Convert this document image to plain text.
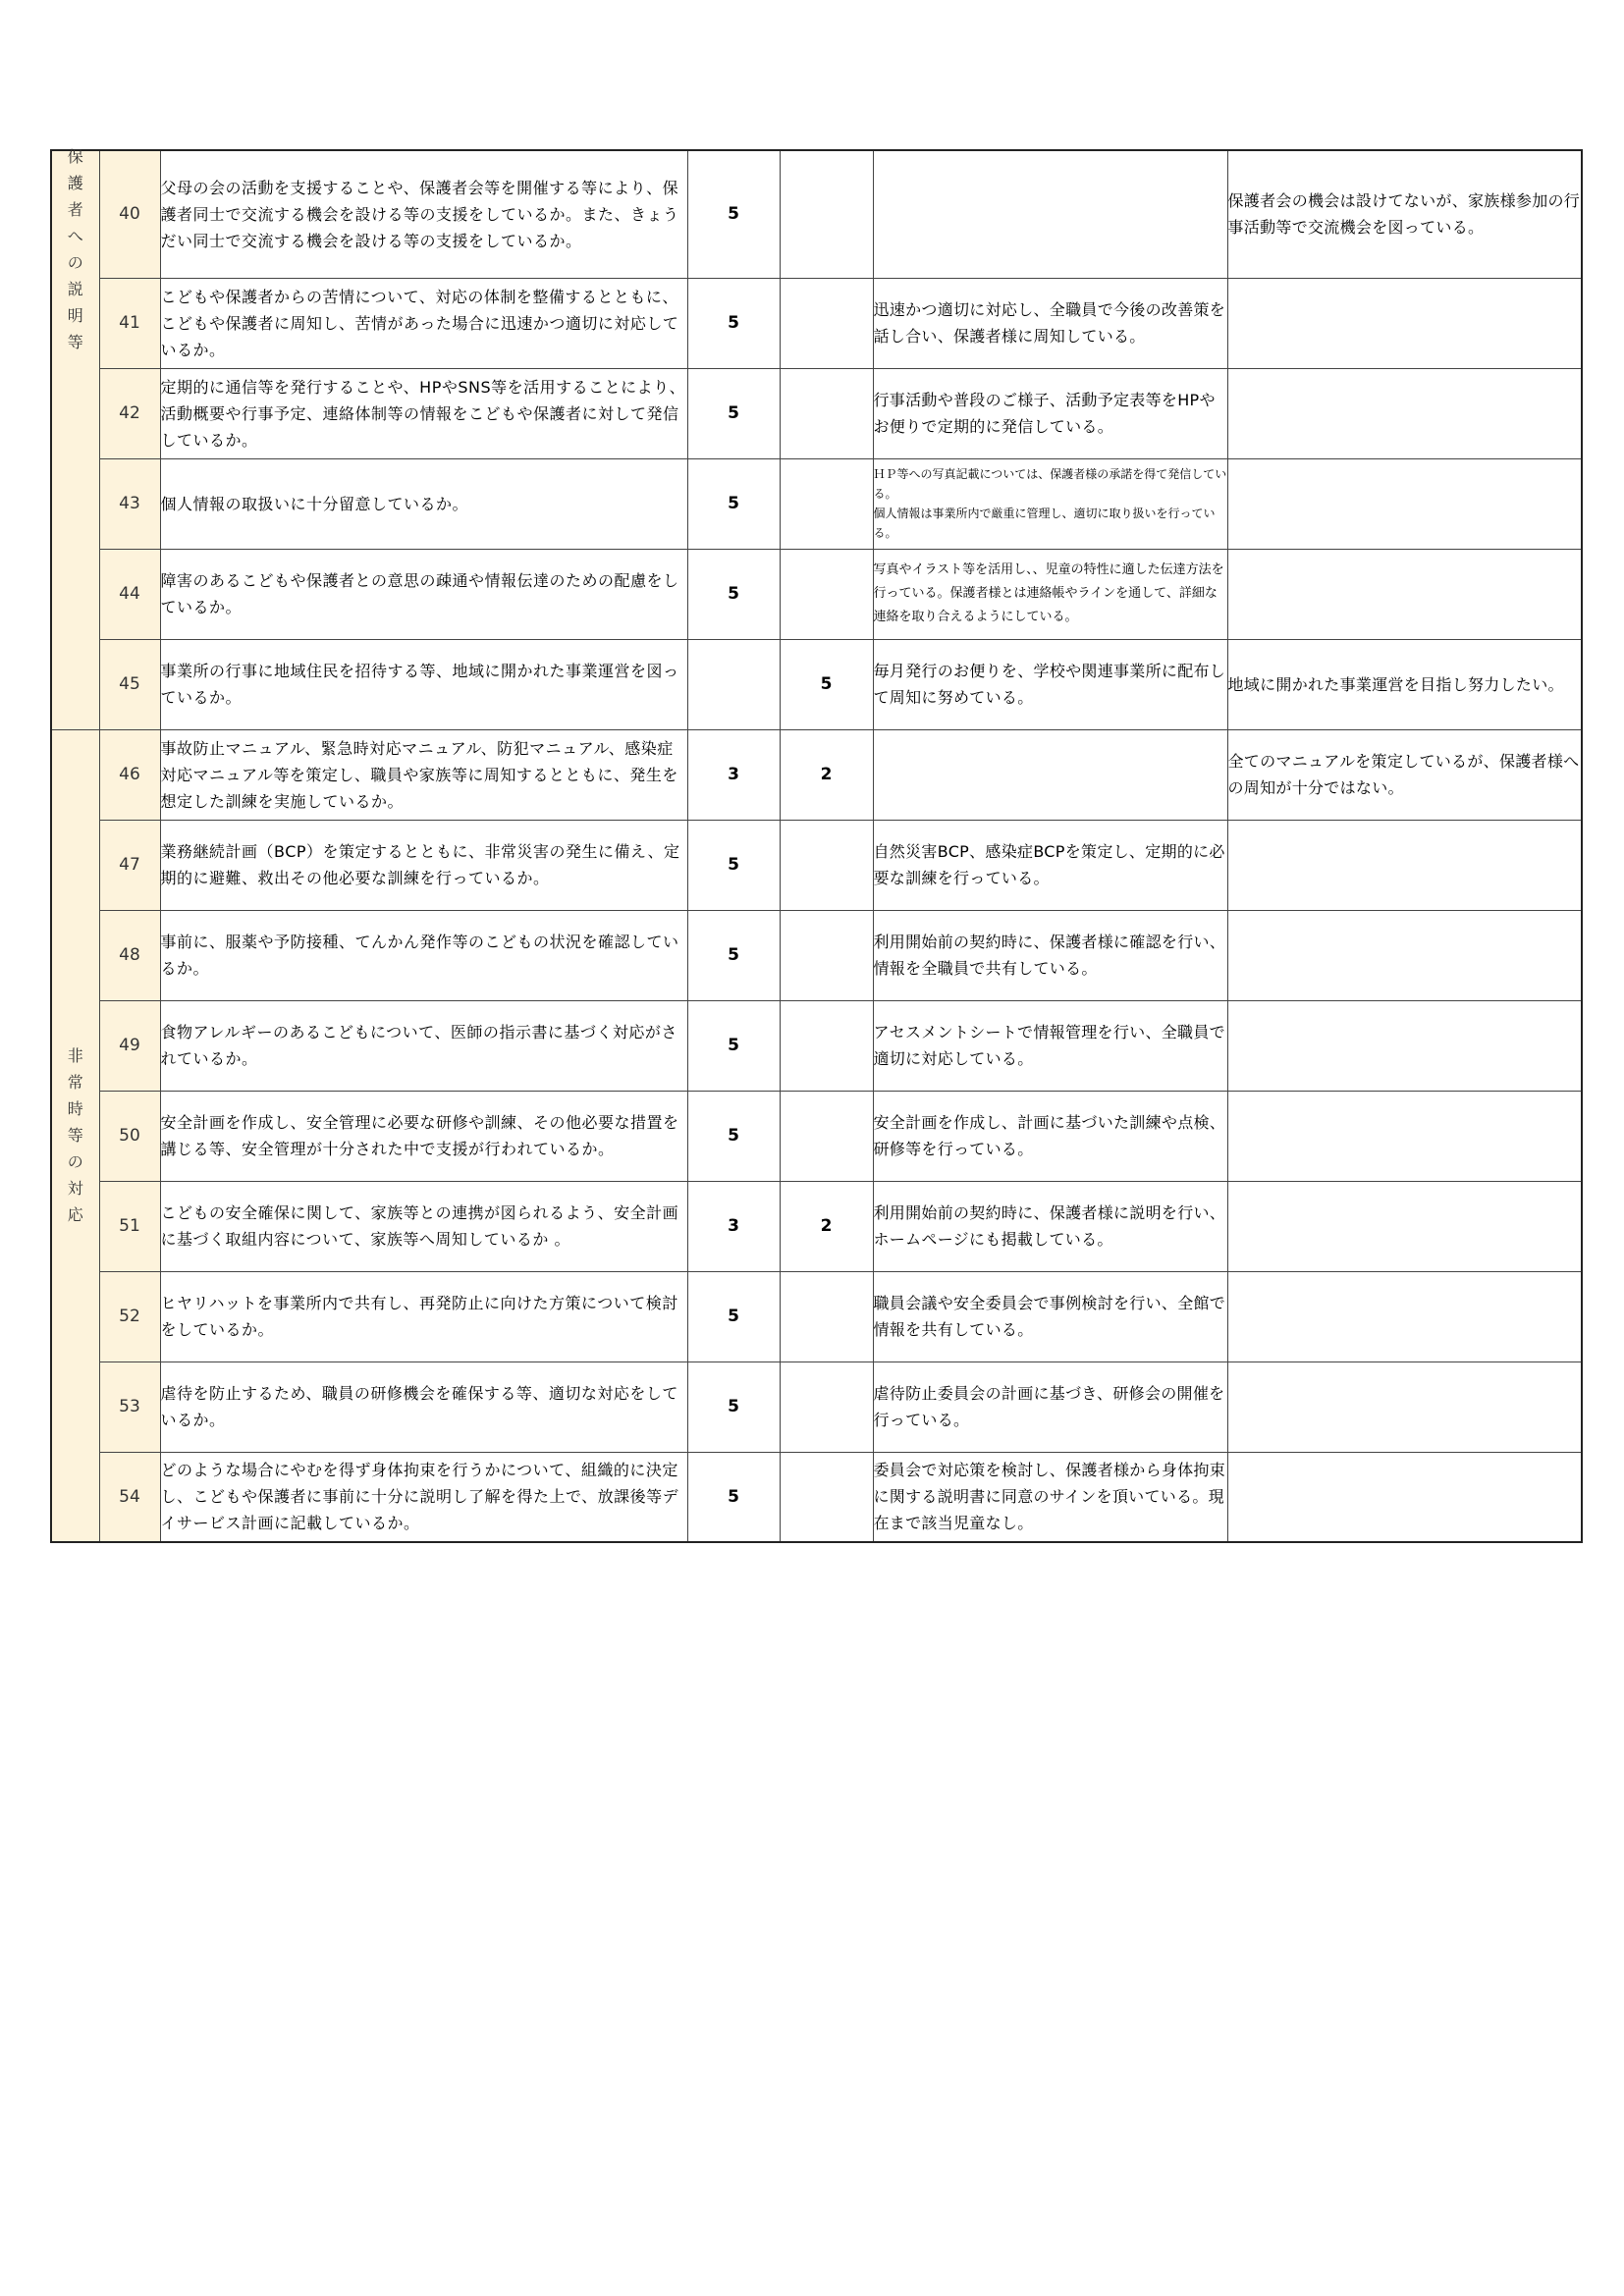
保護者への説明等	40	父母の会の活動を支援することや、保護者会等を開催する等により、保護者同士で交流する機会を設ける等の支援をしているか。また、きょうだい同士で交流する機会を設ける等の支援をしているか。	5			保護者会の機会は設けてないが、家族様参加の行事活動等で交流機会を図っている。
	41	こどもや保護者からの苦情について、対応の体制を整備するとともに、こどもや保護者に周知し、苦情があった場合に迅速かつ適切に対応しているか。	5		迅速かつ適切に対応し、全職員で今後の改善策を話し合い、保護者様に周知している。	
	42	定期的に通信等を発行することや、HPやSNS等を活用することにより、活動概要や行事予定、連絡体制等の情報をこどもや保護者に対して発信しているか。	5		行事活動や普段のご様子、活動予定表等をHPやお便りで定期的に発信している。	
	43	個人情報の取扱いに十分留意しているか。	5		ＨＰ等への写真記載については、保護者様の承諾を得て発信している。
個人情報は事業所内で厳重に管理し、適切に取り扱いを行っている。	
	44	障害のあるこどもや保護者との意思の疎通や情報伝達のための配慮をしているか。	5		写真やイラスト等を活用し、、児童の特性に適した伝達方法を行っている。保護者様とは連絡帳やラインを通して、詳細な連絡を取り合えるようにしている。	
	45	事業所の行事に地域住民を招待する等、地域に開かれた事業運営を図っているか。		5	毎月発行のお便りを、学校や関連事業所に配布して周知に努めている。	地域に開かれた事業運営を目指し努力したい。
非常時等の対応	46	事故防止マニュアル、緊急時対応マニュアル、防犯マニュアル、感染症対応マニュアル等を策定し、職員や家族等に周知するとともに、発生を想定した訓練を実施しているか。	3	2		全てのマニュアルを策定しているが、保護者様への周知が十分ではない。
	47	業務継続計画（BCP）を策定するとともに、非常災害の発生に備え、定期的に避難、救出その他必要な訓練を行っているか。	5		自然災害BCP、感染症BCPを策定し、定期的に必要な訓練を行っている。	
	48	事前に、服薬や予防接種、てんかん発作等のこどもの状況を確認しているか。	5		利用開始前の契約時に、保護者様に確認を行い、情報を全職員で共有している。	
	49	食物アレルギーのあるこどもについて、医師の指示書に基づく対応がされているか。	5		アセスメントシートで情報管理を行い、全職員で適切に対応している。	
	50	安全計画を作成し、安全管理に必要な研修や訓練、その他必要な措置を講じる等、安全管理が十分された中で支援が行われているか。	5		安全計画を作成し、計画に基づいた訓練や点検、研修等を行っている。	
	51	こどもの安全確保に関して、家族等との連携が図られるよう、安全計画に基づく取組内容について、家族等へ周知しているか 。	3	2	利用開始前の契約時に、保護者様に説明を行い、ホームページにも掲載している。	
	52	ヒヤリハットを事業所内で共有し、再発防止に向けた方策について検討をしているか。	5		職員会議や安全委員会で事例検討を行い、全館で情報を共有している。	
	53	虐待を防止するため、職員の研修機会を確保する等、適切な対応をしているか。	5		虐待防止委員会の計画に基づき、研修会の開催を行っている。	
	54	どのような場合にやむを得ず身体拘束を行うかについて、組織的に決定し、こどもや保護者に事前に十分に説明し了解を得た上で、放課後等デイサービス計画に記載しているか。	5		委員会で対応策を検討し、保護者様から身体拘束に関する説明書に同意のサインを頂いている。現在まで該当児童なし。	
